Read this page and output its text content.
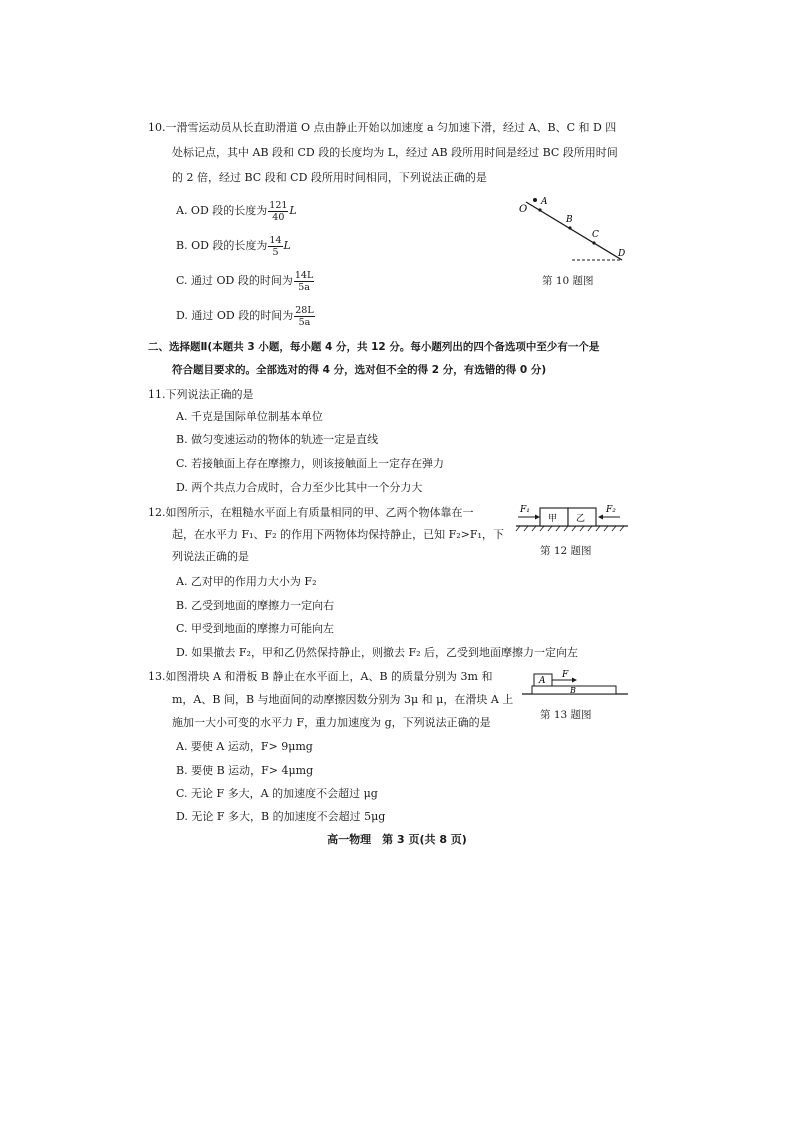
10.一滑雪运动员从长直助滑道 O 点由静止开始以加速度 a 匀加速下滑，经过 A、B、C 和 D 四
处标记点，其中 AB 段和 CD 段的长度均为 L，经过 AB 段所用时间是经过 BC 段所用时间
的 2 倍，经过 BC 段和 CD 段所用时间相同，下列说法正确的是
A. OD 段的长度为 $\frac{121}{40}$ L
B. OD 段的长度为 $\frac{14}{5}$ L
C. 通过 OD 段的时间为 $\frac{14L}{5a}$
D. 通过 OD 段的时间为 $\frac{28L}{5a}$
O
A
B
C
D
第 10 题图
二、选择题Ⅱ(本题共 3 小题，每小题 4 分，共 12 分。每小题列出的四个备选项中至少有一个是
符合题目要求的。全部选对的得 4 分，选对但不全的得 2 分，有选错的得 0 分)
11.下列说法正确的是
A. 千克是国际单位制基本单位
B. 做匀变速运动的物体的轨迹一定是直线
C. 若接触面上存在摩擦力，则该接触面上一定存在弹力
D. 两个共点力合成时，合力至少比其中一个分力大
12.如图所示，在粗糙水平面上有质量相同的甲、乙两个物体靠在一
起，在水平力 F₁、F₂ 的作用下两物体均保持静止，已知 F₂>F₁，下
列说法正确的是
A. 乙对甲的作用力大小为 F₂
B. 乙受到地面的摩擦力一定向右
C. 甲受到地面的摩擦力可能向左
D. 如果撤去 F₂，甲和乙仍然保持静止，则撤去 F₂ 后，乙受到地面摩擦力一定向左
甲 乙
F₁	F₂
第 12 题图
13.如图滑块 A 和滑板 B 静止在水平面上，A、B 的质量分别为 3m 和
m，A、B 间，B 与地面间的动摩擦因数分别为 3μ 和 μ，在滑块 A 上
施加一大小可变的水平力 F，重力加速度为 g，下列说法正确的是
A. 要使 A 运动，F> 9μmg
B. 要使 B 运动，F> 4μmg
C. 无论 F 多大，A 的加速度不会超过 μg
D. 无论 F 多大，B 的加速度不会超过 5μg
A
B
F
第 13 题图
高一物理　第 3 页(共 8 页)
